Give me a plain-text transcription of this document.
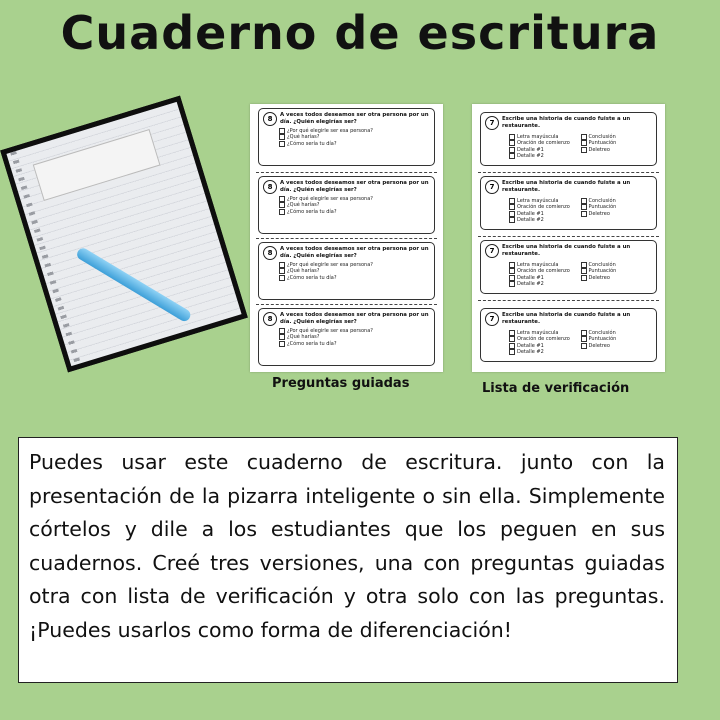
Cuaderno de escritura
8	A veces todos deseamos ser otra persona por un día. ¿Quién elegirías ser?
¿Por qué elegirle ser esa persona?
¿Qué harías?
¿Cómo sería tu día?
8	A veces todos deseamos ser otra persona por un día. ¿Quién elegirías ser?
¿Por qué elegirle ser esa persona?
¿Qué harías?
¿Cómo sería tu día?
8	A veces todos deseamos ser otra persona por un día. ¿Quién elegirías ser?
¿Por qué elegirle ser esa persona?
¿Qué harías?
¿Cómo sería tu día?
8	A veces todos deseamos ser otra persona por un día. ¿Quién elegirías ser?
¿Por qué elegirle ser esa persona?
¿Qué harías?
¿Cómo sería tu día?
7	Escribe una historia de cuando fuiste a un restaurante.
Letra mayúscula
Oración de comienzo
Detalle #1
Detalle #2
Conclusión
Puntuación
Deletreo
7	Escribe una historia de cuando fuiste a un restaurante.
Letra mayúscula
Oración de comienzo
Detalle #1
Detalle #2
Conclusión
Puntuación
Deletreo
7	Escribe una historia de cuando fuiste a un restaurante.
Letra mayúscula
Oración de comienzo
Detalle #1
Detalle #2
Conclusión
Puntuación
Deletreo
7	Escribe una historia de cuando fuiste a un restaurante.
Letra mayúscula
Oración de comienzo
Detalle #1
Detalle #2
Conclusión
Puntuación
Deletreo
Preguntas guiadas	Lista de verificación
Puedes usar este cuaderno de escritura. junto con la presentación de la pizarra inteligente o sin ella. Simplemente córtelos y dile a los estudiantes que los peguen en sus cuadernos. Creé tres versiones, una con preguntas guiadas otra con lista de verificación y otra solo con las preguntas. ¡Puedes usarlos como forma de diferenciación!
